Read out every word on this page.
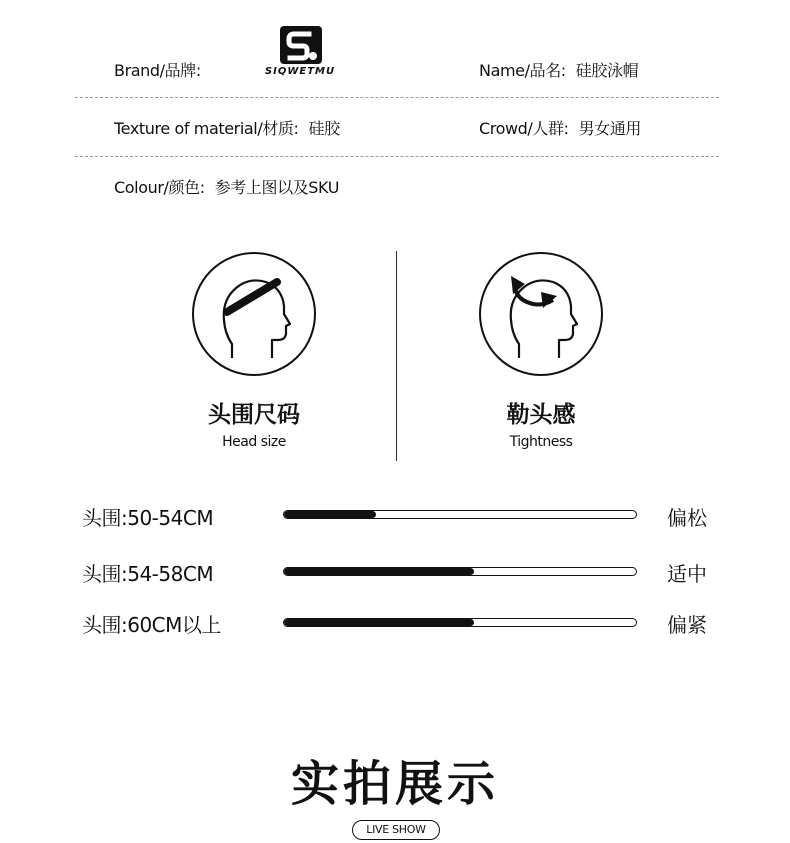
Brand/品牌:	SIQWETMU	Name/品名: 硅胶泳帽
Texture of material/材质: 硅胶	Crowd/人群: 男女通用
Colour/颜色: 参考上图以及SKU
头围尺码
Head size
勒头感
Tightness
头围:50-54CM	偏松
头围:54-58CM	适中
头围:60CM以上	偏紧
实拍展示
LIVE SHOW
